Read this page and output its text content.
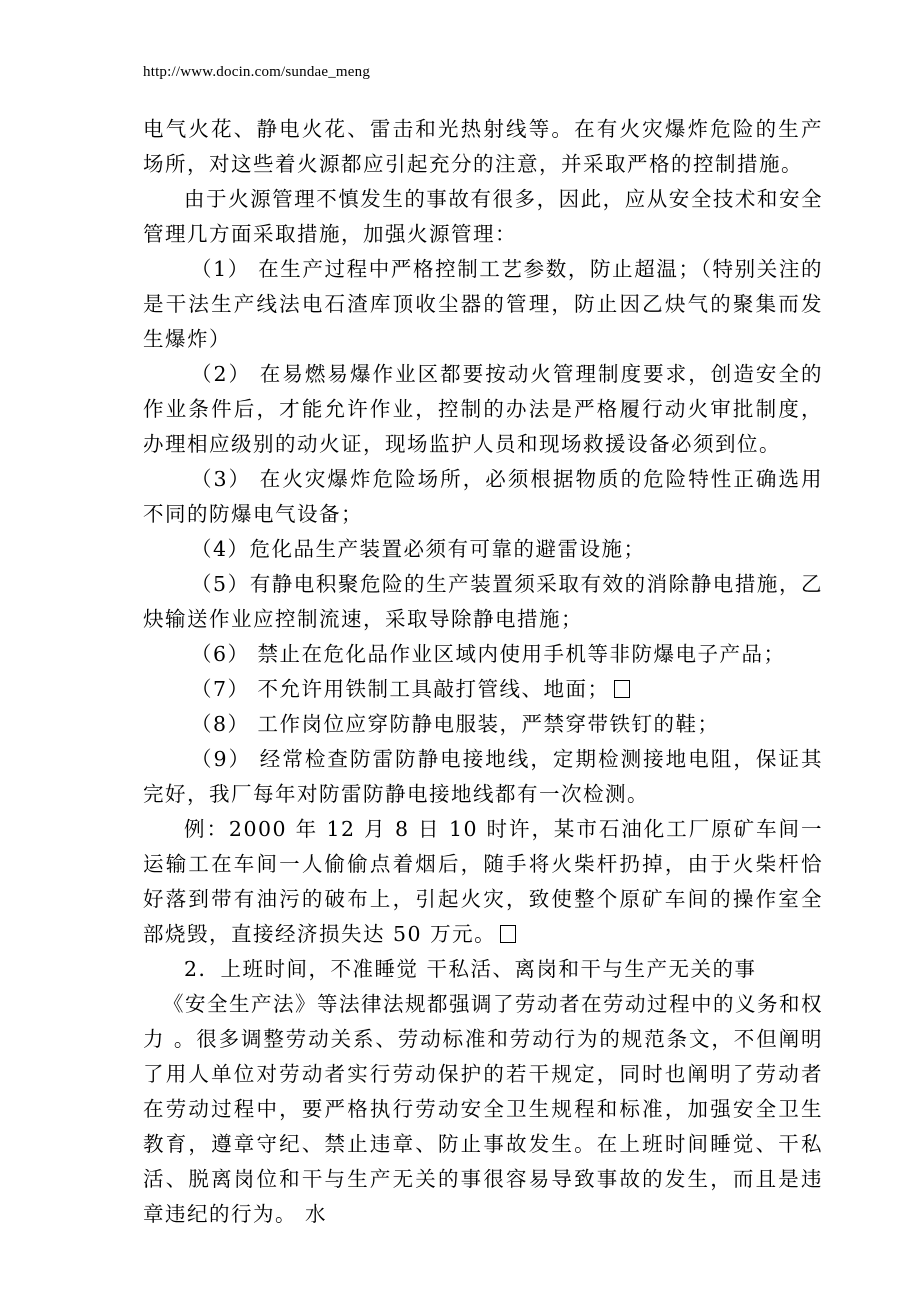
http://www.docin.com/sundae_meng

电气火花、静电火花、雷击和光热射线等。在有火灾爆炸危险的生产场所，对这些着火源都应引起充分的注意，并采取严格的控制措施。

由于火源管理不慎发生的事故有很多，因此，应从安全技术和安全管理几方面采取措施，加强火源管理：

（1） 在生产过程中严格控制工艺参数，防止超温；（特别关注的是干法生产线法电石渣库顶收尘器的管理，防止因乙炔气的聚集而发生爆炸）

（2） 在易燃易爆作业区都要按动火管理制度要求，创造安全的作业条件后，才能允许作业，控制的办法是严格履行动火审批制度，办理相应级别的动火证，现场监护人员和现场救援设备必须到位。

（3） 在火灾爆炸危险场所，必须根据物质的危险特性正确选用不同的防爆电气设备；

（4）危化品生产装置必须有可靠的避雷设施；

（5）有静电积聚危险的生产装置须采取有效的消除静电措施，乙炔输送作业应控制流速，采取导除静电措施；

（6） 禁止在危化品作业区域内使用手机等非防爆电子产品；

（7） 不允许用铁制工具敲打管线、地面；

（8） 工作岗位应穿防静电服装，严禁穿带铁钉的鞋；

（9） 经常检查防雷防静电接地线，定期检测接地电阻，保证其完好，我厂每年对防雷防静电接地线都有一次检测。

例：2000 年 12 月 8 日 10 时许，某市石油化工厂原矿车间一运输工在车间一人偷偷点着烟后，随手将火柴杆扔掉，由于火柴杆恰好落到带有油污的破布上，引起火灾，致使整个原矿车间的操作室全部烧毁，直接经济损失达 50 万元。

2．上班时间，不准睡觉 干私活、离岗和干与生产无关的事

《安全生产法》等法律法规都强调了劳动者在劳动过程中的义务和权力 。很多调整劳动关系、劳动标准和劳动行为的规范条文，不但阐明了用人单位对劳动者实行劳动保护的若干规定，同时也阐明了劳动者在劳动过程中，要严格执行劳动安全卫生规程和标准，加强安全卫生教育，遵章守纪、禁止违章、防止事故发生。在上班时间睡觉、干私活、脱离岗位和干与生产无关的事很容易导致事故的发生，而且是违章违纪的行为。 水
